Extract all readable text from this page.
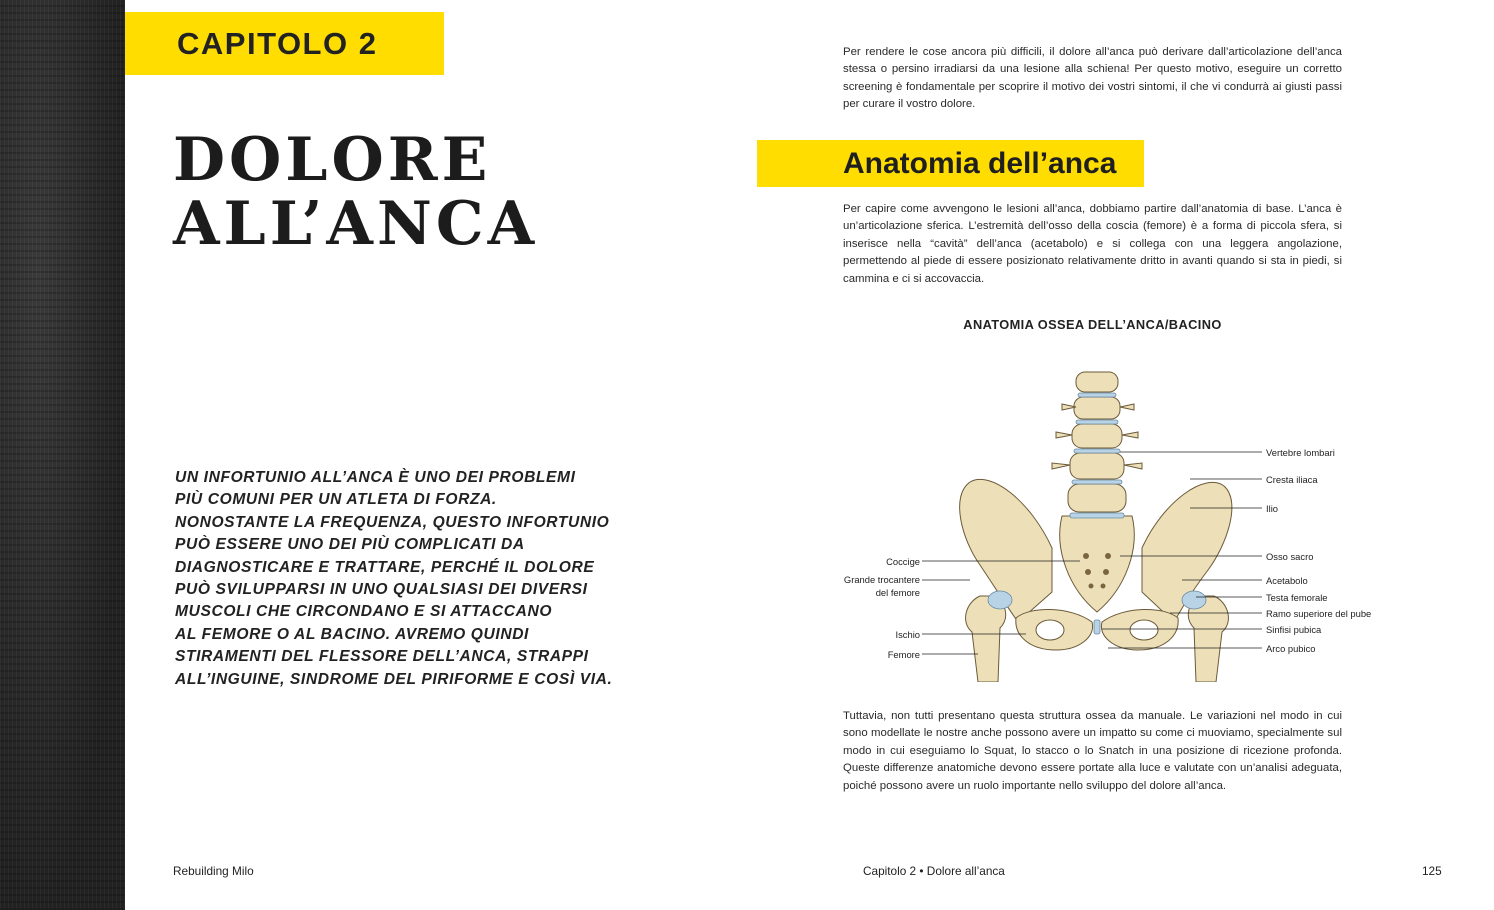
CAPITOLO 2
DOLORE
ALL’ANCA
UN INFORTUNIO ALL’ANCA È UNO DEI PROBLEMI
PIÙ COMUNI PER UN ATLETA DI FORZA.
NONOSTANTE LA FREQUENZA, QUESTO INFORTUNIO
PUÒ ESSERE UNO DEI PIÙ COMPLICATI DA
DIAGNOSTICARE E TRATTARE, PERCHÉ IL DOLORE
PUÒ SVILUPPARSI IN UNO QUALSIASI DEI DIVERSI
MUSCOLI CHE CIRCONDANO E SI ATTACCANO
AL FEMORE O AL BACINO. AVREMO QUINDI
STIRAMENTI DEL FLESSORE DELL’ANCA, STRAPPI
ALL’INGUINE, SINDROME DEL PIRIFORME E COSÌ VIA.
Rebuilding Milo
Per rendere le cose ancora più difficili, il dolore all’anca può derivare dall’articolazione dell’anca stessa o persino irradiarsi da una lesione alla schiena! Per questo motivo, eseguire un corretto screening è fondamentale per scoprire il motivo dei vostri sintomi, il che vi condurrà ai giusti passi per curare il vostro dolore.
Anatomia dell’anca
Per capire come avvengono le lesioni all’anca, dobbiamo partire dall’anatomia di base. L’anca è un’articolazione sferica. L’estremità dell’osso della coscia (femore) è a forma di piccola sfera, si inserisce nella “cavità” dell’anca (acetabolo) e si collega con una leggera angolazione, permettendo al piede di essere posizionato relativamente dritto in avanti quando si sta in piedi, si cammina e ci si accovaccia.
ANATOMIA OSSEA DELL’ANCA/BACINO
Vertebre lombari
Cresta iliaca
Ilio
Osso sacro
Acetabolo
Testa femorale
Ramo superiore del pube
Sinfisi pubica
Arco pubico
Coccige
Grande trocantere
del femore
Ischio
Femore
Tuttavia, non tutti presentano questa struttura ossea da manuale. Le variazioni nel modo in cui sono modellate le nostre anche possono avere un impatto su come ci muoviamo, specialmente sul modo in cui eseguiamo lo Squat, lo stacco o lo Snatch in una posizione di ricezione profonda. Queste differenze anatomiche devono essere portate alla luce e valutate con un’analisi adeguata, poiché possono avere un ruolo importante nello sviluppo del dolore all’anca.
Capitolo 2 • Dolore all’anca	125
